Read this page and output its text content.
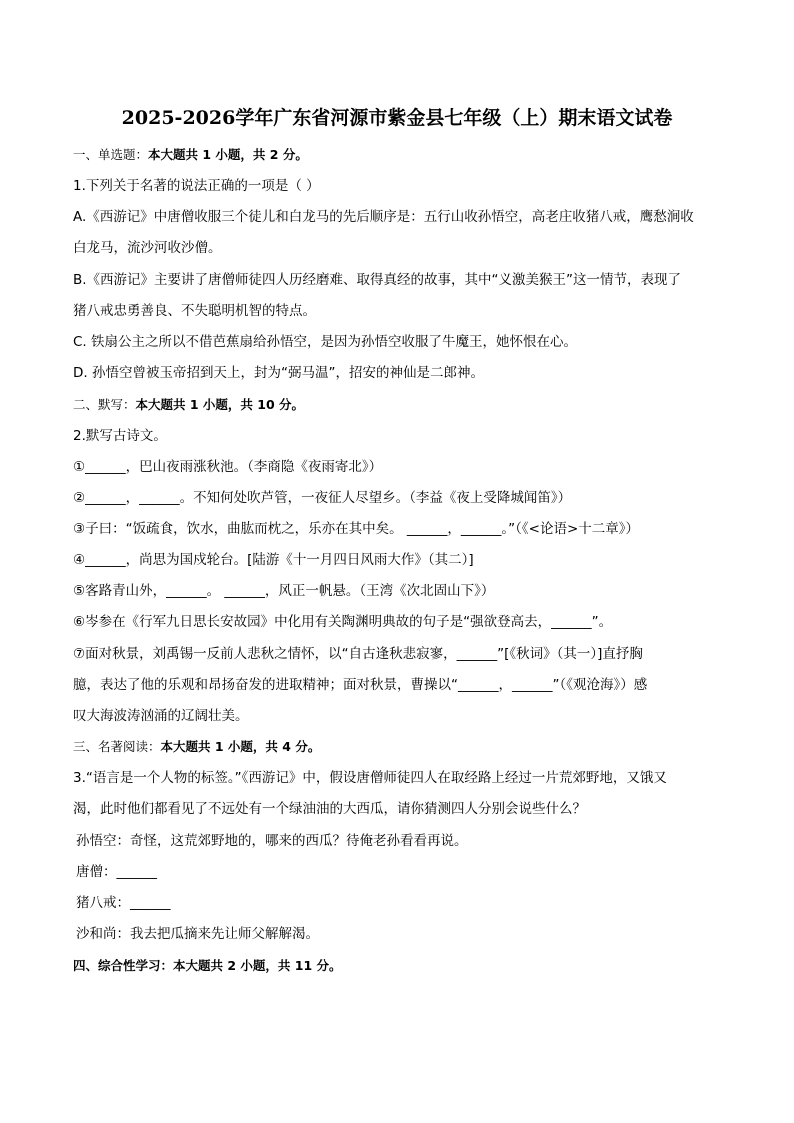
2025-2026学年广东省河源市紫金县七年级（上）期末语文试卷
一、单选题：本大题共 1 小题，共 2 分。
1.下列关于名著的说法正确的一项是（ ）
A.《西游记》中唐僧收服三个徒儿和白龙马的先后顺序是：五行山收孙悟空，高老庄收猪八戒，鹰愁涧收
白龙马，流沙河收沙僧。
B.《西游记》主要讲了唐僧师徒四人历经磨难、取得真经的故事，其中“义激美猴王”这一情节，表现了
猪八戒忠勇善良、不失聪明机智的特点。
C. 铁扇公主之所以不借芭蕉扇给孙悟空，是因为孙悟空收服了牛魔王，她怀恨在心。
D. 孙悟空曾被玉帝招到天上，封为“弼马温”，招安的神仙是二郎神。
二、默写：本大题共 1 小题，共 10 分。
2.默写古诗文。
①______，巴山夜雨涨秋池。（李商隐《夜雨寄北》）
②______，______。不知何处吹芦管，一夜征人尽望乡。（李益《夜上受降城闻笛》）
③子曰：“饭疏食，饮水，曲肱而枕之，乐亦在其中矣。 ______，______。”（《<论语>十二章》）
④______，尚思为国戍轮台。[陆游《十一月四日风雨大作》（其二）]
⑤客路青山外，______。 ______，风正一帆悬。（王湾《次北固山下》）
⑥岑参在《行军九日思长安故园》中化用有关陶渊明典故的句子是“强欲登高去，______”。
⑦面对秋景，刘禹锡一反前人悲秋之情怀，以“自古逢秋悲寂寥，______”[《秋词》（其一）]直抒胸
臆，表达了他的乐观和昂扬奋发的进取精神；面对秋景，曹操以“______，______”（《观沧海》）感
叹大海波涛汹涌的辽阔壮美。
三、名著阅读：本大题共 1 小题，共 4 分。
3.“语言是一个人物的标签。”《西游记》中，假设唐僧师徒四人在取经路上经过一片荒郊野地，又饿又
渴，此时他们都看见了不远处有一个绿油油的大西瓜，请你猜测四人分别会说些什么？
孙悟空：奇怪，这荒郊野地的，哪来的西瓜？待俺老孙看看再说。
唐僧：______
猪八戒：______
沙和尚：我去把瓜摘来先让师父解解渴。
四、综合性学习：本大题共 2 小题，共 11 分。
